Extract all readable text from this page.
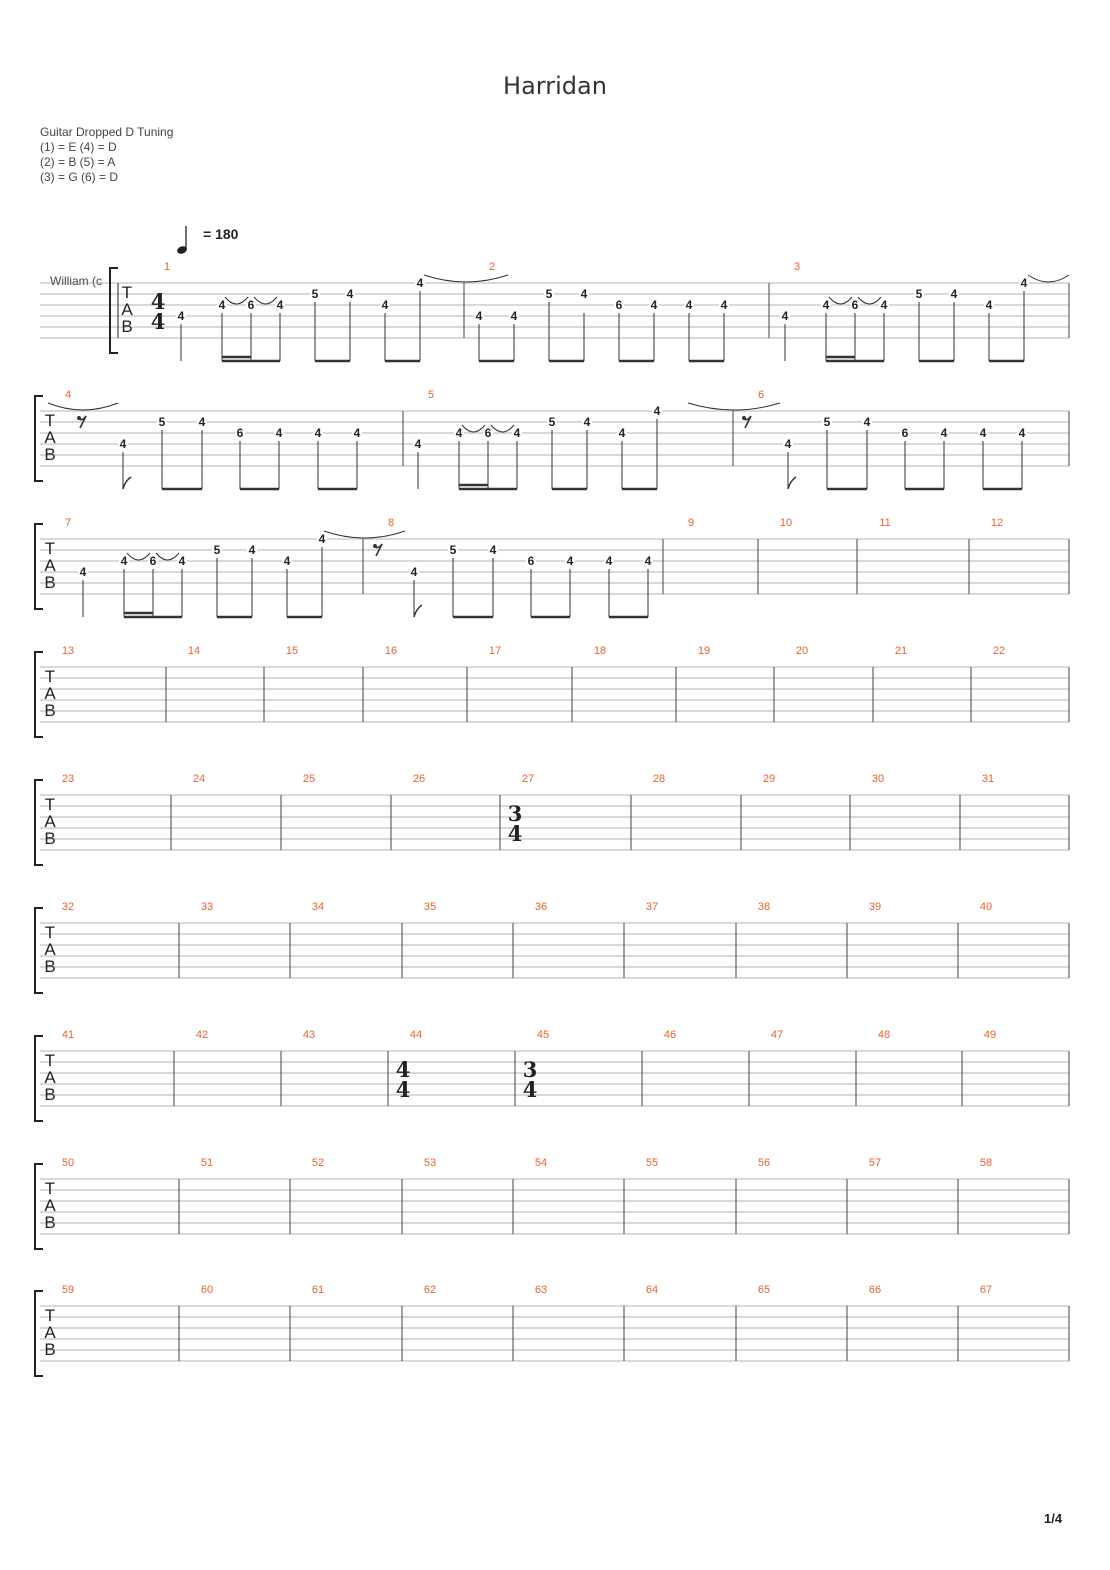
Harridan
Guitar Dropped D Tuning
(1) = E (4) = D
(2) = B (5) = A
(3) = G (6) = D
= 180
William (c
T
A
B
1	2	3
4
4
T
A
B
4	5	6
T
A
B
7	8	9	10	11	12
T
A
B
13	14	15	16	17	18	19	20	21	22
T
A
B
23	24	25	26	27	28	29	30	31
3
4
T
A
B
32	33	34	35	36	37	38	39	40
T
A
B
41	42	43	44	45	46	47	48	49
4
4
3
4
T
A
B
50	51	52	53	54	55	56	57	58
T
A
B
59	60	61	62	63	64	65	66	67
4
4 6 4
5 4
4
4
4 4
5 4
6 4 4 4
4
4 6 4
5 4
4
4
4
5	4
6	4	4	4
4
4 6 4
5 4
4
4
4
5	4
6	4	4	4
4
4 6 4
5 4
4
4
4
5	4
6	4	4	4
1/4
